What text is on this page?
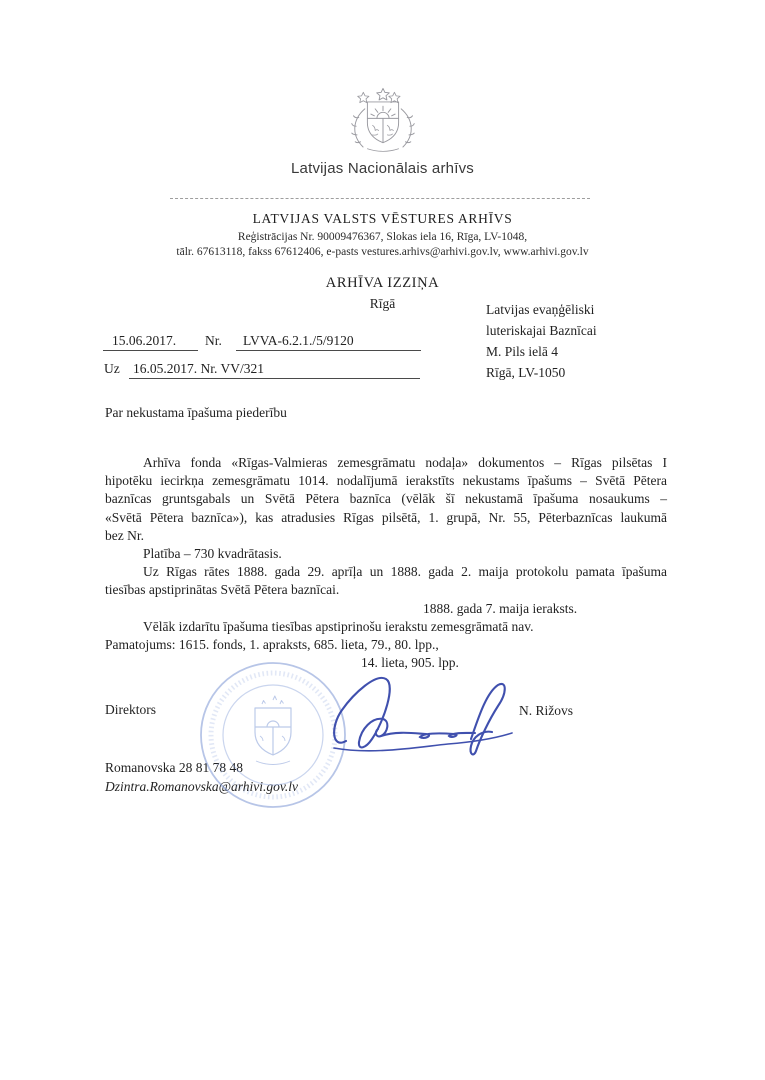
Latvijas Nacionālais arhīvs
LATVIJAS VALSTS VĒSTURES ARHĪVS
Reģistrācijas Nr. 90009476367, Slokas iela 16, Rīga, LV-1048,
tālr. 67613118, fakss 67612406, e-pasts vestures.arhivs@arhivi.gov.lv, www.arhivi.gov.lv
ARHĪVA IZZIŅA
Rīgā	Latvijas evaņģēliski
luteriskajai Baznīcai
M. Pils ielā 4
Rīgā, LV-1050
15.06.2017. Nr. LVVA-6.2.1./5/9120
Uz 16.05.2017. Nr. VV/321
Par nekustama īpašuma piederību
Arhīva fonda «Rīgas-Valmieras zemesgrāmatu nodaļa» dokumentos – Rīgas pilsētas I
hipotēku iecirkņa zemesgrāmatu 1014. nodalījumā ierakstīts nekustams īpašums – Svētā Pētera
baznīcas gruntsgabals un Svētā Pētera baznīca (vēlāk šī nekustamā īpašuma nosaukums –
«Svētā Pētera baznīca»), kas atradusies Rīgas pilsētā, 1. grupā, Nr. 55, Pēterbaznīcas laukumā
bez Nr.
Platība – 730 kvadrātasis.
Uz Rīgas rātes 1888. gada 29. aprīļa un 1888. gada 2. maija protokolu pamata īpašuma
tiesības apstiprinātas Svētā Pētera baznīcai.
1888. gada 7. maija ieraksts.
Vēlāk izdarītu īpašuma tiesības apstiprinošu ierakstu zemesgrāmatā nav.
Pamatojums: 1615. fonds, 1. apraksts, 685. lieta, 79., 80. lpp.,
14. lieta, 905. lpp.
Direktors	N. Rižovs
Romanovska 28 81 78 48
Dzintra.Romanovska@arhivi.gov.lv
